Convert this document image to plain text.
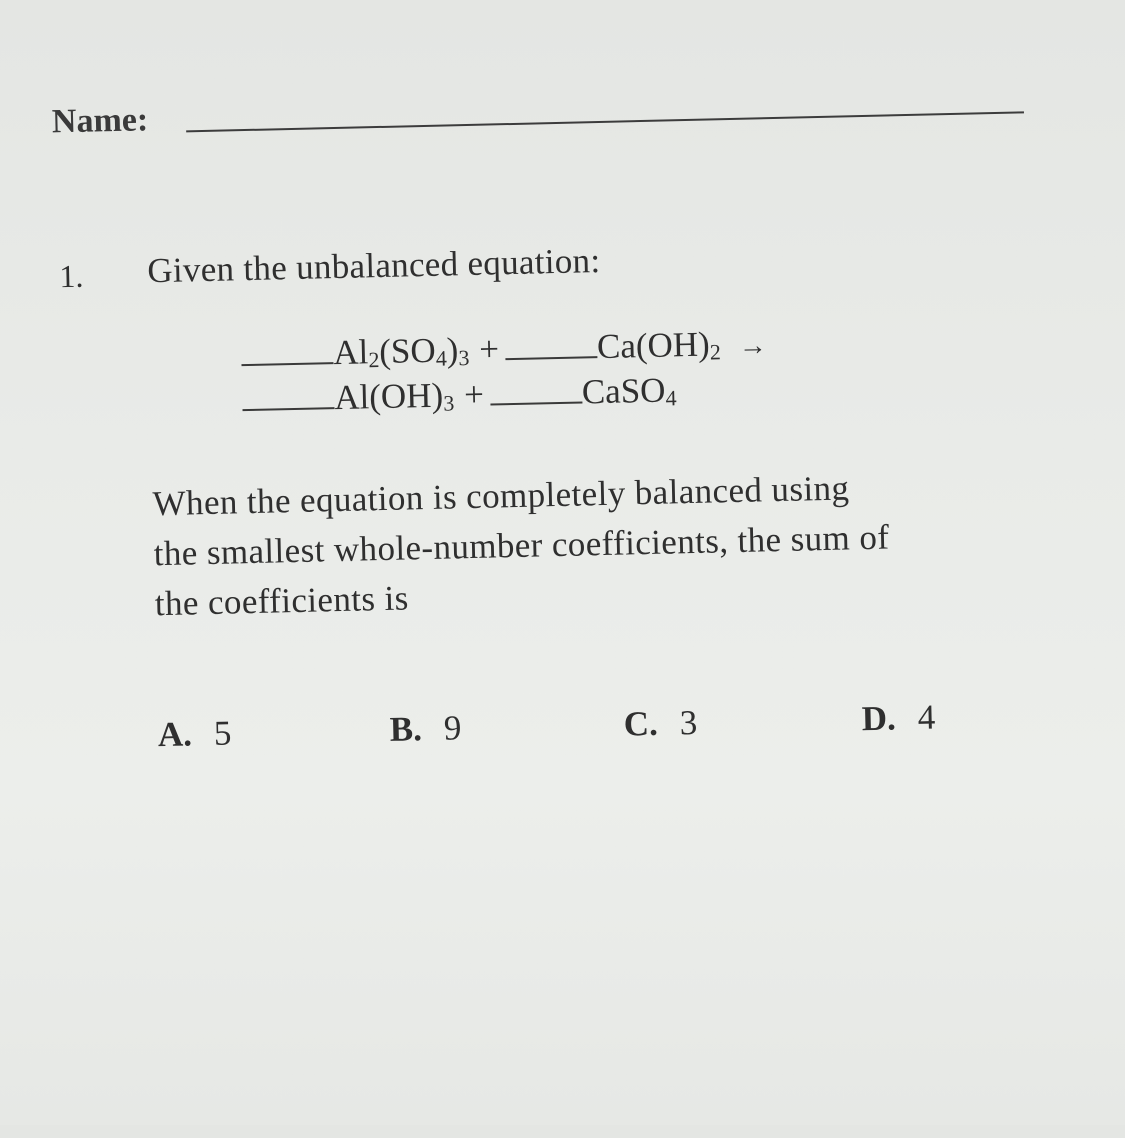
Name:
1. Given the unbalanced equation:
$Al_2(SO_4)_3$ +	$Ca(OH)_2$ →
$Al(OH)_3$ +	CaSO$_4$

When the equation is completely balanced using

the smallest whole-number coefficients, the sum of

the coefficients is

A. 5	B. 9	C. 3	D. 4
